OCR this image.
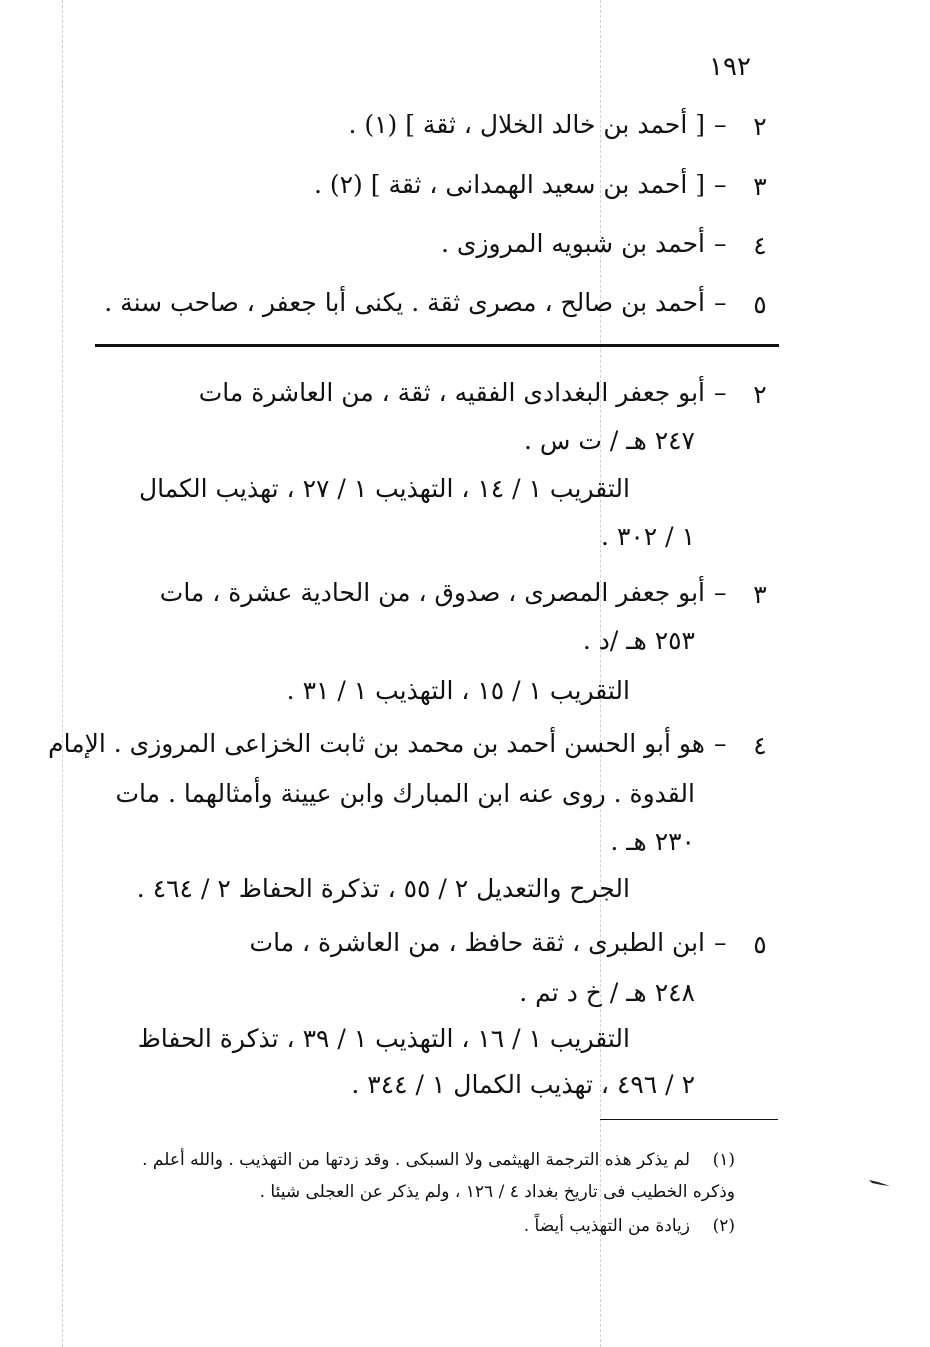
١٩٢
٢
–
[ أحمد بن خالد الخلال ، ثقة ] (١) .
٣
–
[ أحمد بن سعيد الهمدانى ، ثقة ] (٢) .
٤
–
أحمد بن شبويه المروزى .
٥
–
أحمد بن صالح ، مصرى ثقة . يكنى أبا جعفر ، صاحب سنة .
٢
–
أبو جعفر البغدادى الفقيه ، ثقة ، من العاشرة مات
٢٤٧ هـ / ت س .
التقريب ١ / ١٤ ، التهذيب ١ / ٢٧ ، تهذيب الكمال
١ / ٣٠٢ .
٣
–
أبو جعفر المصرى ، صدوق ، من الحادية عشرة ، مات
٢٥٣ هـ /د .
التقريب ١ / ١٥ ، التهذيب ١ / ٣١ .
٤
–
هو أبو الحسن أحمد بن محمد بن ثابت الخزاعى المروزى . الإمام
القدوة . روى عنه ابن المبارك وابن عيينة وأمثالهما . مات
٢٣٠ هـ .
الجرح والتعديل ٢ / ٥٥ ، تذكرة الحفاظ ٢ / ٤٦٤ .
٥
–
ابن الطبرى ، ثقة حافظ ، من العاشرة ، مات
٢٤٨ هـ / خ د تم .
التقريب ١ / ١٦ ، التهذيب ١ / ٣٩ ، تذكرة الحفاظ
٢ / ٤٩٦ ، تهذيب الكمال ١ / ٣٤٤ .
(١)
لم يذكر هذه الترجمة الهيثمى ولا السبكى . وقد زدتها من التهذيب . والله أعلم .
وذكره الخطيب فى تاريخ بغداد ٤ / ١٢٦ ، ولم يذكر عن العجلى شيئا .
(٢)
زيادة من التهذيب أيضاً .
